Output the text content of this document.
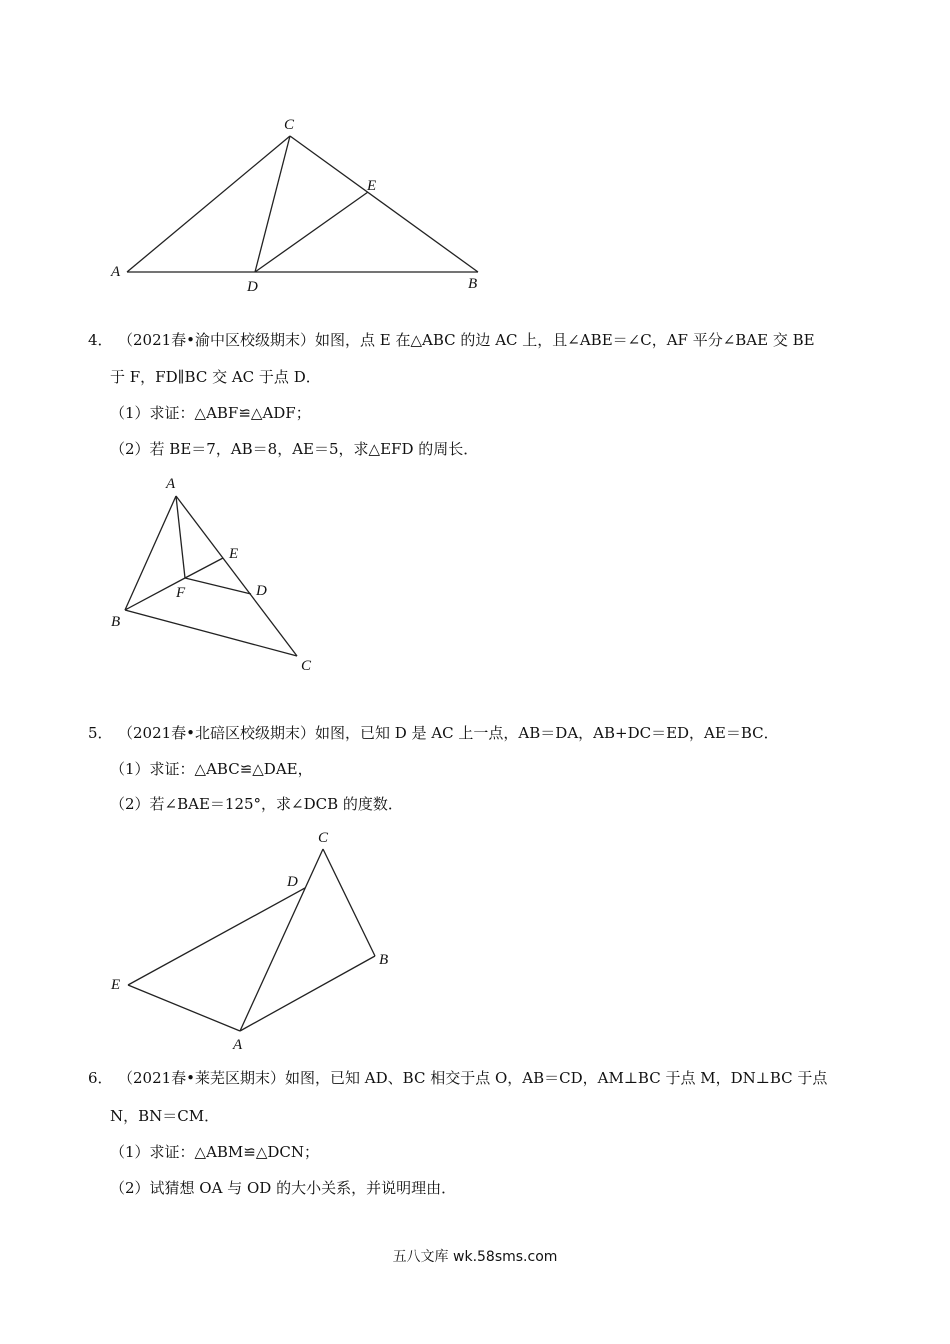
C
E
A
D	B
4． （2021春•渝中区校级期末）如图，点 E 在△ABC 的边 AC 上，且∠ABE＝∠C，AF 平分∠BAE 交 BE
于 F，FD∥BC 交 AC 于点 D．
（1）求证：△ABF≌△ADF；
（2）若 BE＝7，AB＝8，AE＝5，求△EFD 的周长．
A
E
F	D
B
C
5． （2021春•北碚区校级期末）如图，已知 D 是 AC 上一点，AB＝DA，AB+DC＝ED，AE＝BC．
（1）求证：△ABC≌△DAE，
（2）若∠BAE＝125°，求∠DCB 的度数．
C
D
B
E
A
6． （2021春•莱芜区期末）如图，已知 AD、BC 相交于点 O，AB＝CD，AM⊥BC 于点 M，DN⊥BC 于点
N，BN＝CM．
（1）求证：△ABM≌△DCN；
（2）试猜想 OA 与 OD 的大小关系，并说明理由．
五八文库 wk.58sms.com
